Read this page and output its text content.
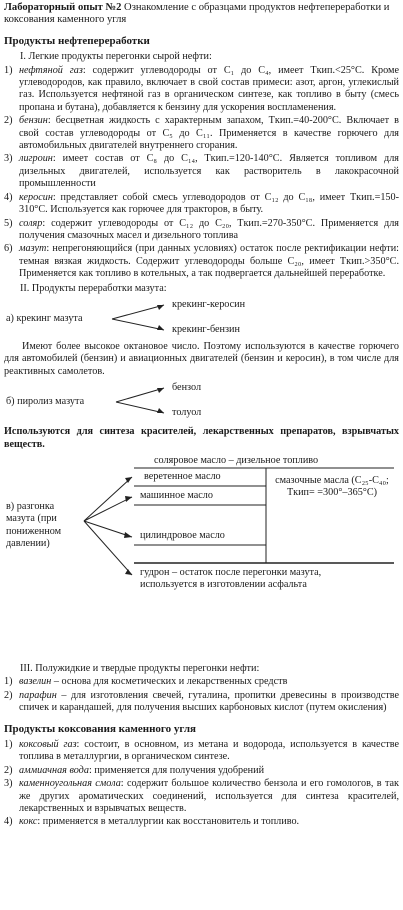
Лабораторный опыт №2 Ознакомление с образцами продуктов нефтепереработки и коксования каменного угля
Продукты нефтепереработки
I. Легкие продукты перегонки сырой нефти:
1) нефтяной газ: содержит углеводороды от C₁ до C₄, имеет Tкип.<25°C. Кроме углеводородов, как правило, включает в свой состав примеси: азот, аргон, углекислый газ. Используется нефтяной газ в органическом синтезе, как топливо в быту (смесь пропана и бутана), добавляется к бензину для ускорения воспламенения.
2) бензин: бесцветная жидкость с характерным запахом, Tкип.=40-200°C. Включает в свой состав углеводороды от C₅ до C₁₁. Применяется в качестве горючего для автомобильных двигателей внутреннего сгорания.
3) лигроин: имеет состав от C₈ до C₁₄, Tкип.=120-140°C. Является топливом для дизельных двигателей, используется как растворитель в лакокрасочной промышленности
4) керосин: представляет собой смесь углеводородов от C₁₂ до C₁₈, имеет Tкип.=150-310°C. Используется как горючее для тракторов, в быту.
5) соляр: содержит углеводороды от C₁₂ до C₂₀, Tкип.=270-350°C. Применяется для получения смазочных масел и дизельного топлива
6) мазут: непрегоняющийся (при данных условиях) остаток после ректификации нефти: темная вязкая жидкость. Содержит углеводороды больше C₂₀, имеет Tкип.>350°C. Применяется как топливо в котельных, а так подвергается дальнейшей переработке.
II. Продукты переработки мазута:
а) крекинг мазута
крекинг-керосин
крекинг-бензин
Имеют более высокое октановое число. Поэтому используются в качестве горючего для автомобилей (бензин) и авиационных двигателей (бензин и керосин), в том числе для реактивных самолетов.
б) пиролиз мазута
бензол
толуол
Используются для синтеза красителей, лекарственных препаратов, взрывчатых веществ.
в) разгонка мазута (при пониженном давлении)
соляровое масло – дизельное топливо
веретенное масло
машинное масло
цилиндровое масло
смазочные масла (C₂₅-C₄₀; Tкип= =300°–365°C)
гудрон – остаток после перегонки мазута, используется в изготовлении асфальта
III. Полужидкие и твердые продукты перегонки нефти:
1) вазелин – основа для косметических и лекарственных средств
2) парафин – для изготовления свечей, гуталина, пропитки древесины в производстве спичек и карандашей, для получения высших карбоновых кислот (путем окисления)
Продукты коксования каменного угля
1) коксовый газ: состоит, в основном, из метана и водорода, используется в качестве топлива в металлургии, в органическом синтезе.
2) аммиачная вода: применяется для получения удобрений
3) каменноугольная смола: содержит большое количество бензола и его гомологов, в так же других ароматических соединений, используется для синтеза красителей, лекарственных и взрывчатых веществ.
4) кокс: применяется в металлургии как восстановитель и топливо.
